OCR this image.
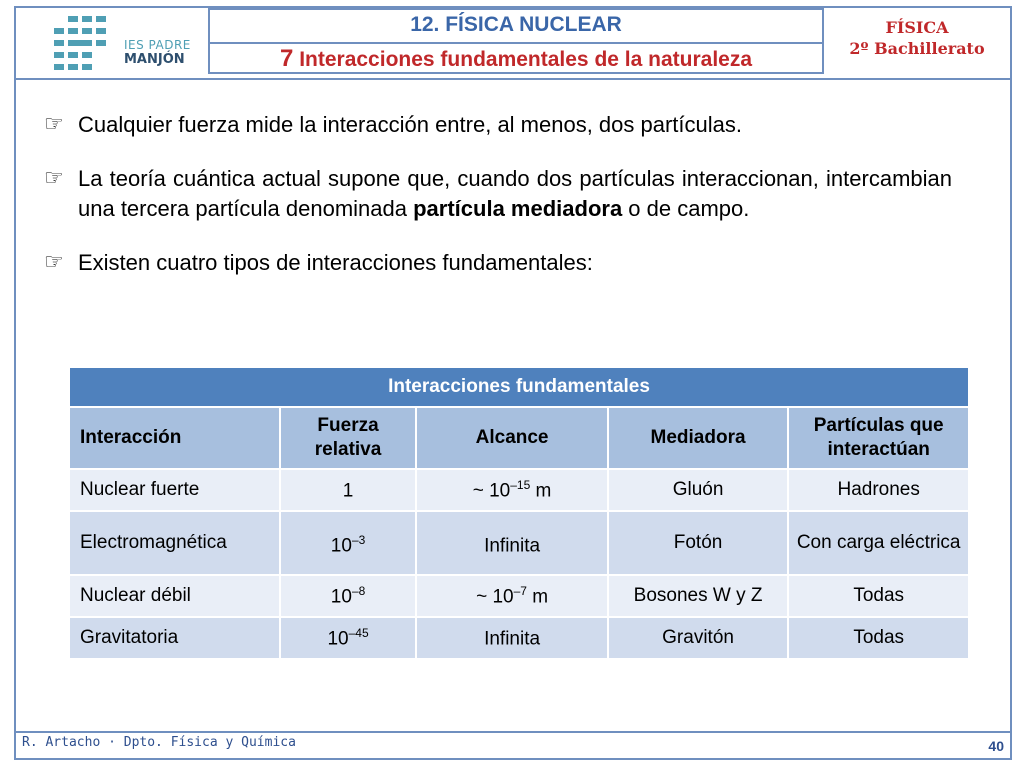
IES PADRE
MANJÓN
12. FÍSICA NUCLEAR
7 Interacciones fundamentales de la naturaleza
FÍSICA
2º Bachillerato
☞ Cualquier fuerza mide la interacción entre, al menos, dos partículas.
☞ La teoría cuántica actual supone que, cuando dos partículas interaccionan, intercambian una tercera partícula denominada partícula mediadora o de campo.
☞ Existen cuatro tipos de interacciones fundamentales:
Interacciones fundamentales				
Interacción	Fuerza relativa	Alcance	Mediadora	Partículas que interactúan
Nuclear fuerte	1	~ $10^{-15}$ m	Gluón	Hadrones
Electromagnética	$10^{-3}$	Infinita	Fotón	Con carga eléctrica
Nuclear débil	$10^{-8}$	~ $10^{-7}$ m	Bosones W y Z	Todas
Gravitatoria	$10^{-45}$	Infinita	Gravitón	Todas
R. Artacho · Dpto. Física y Química	40
